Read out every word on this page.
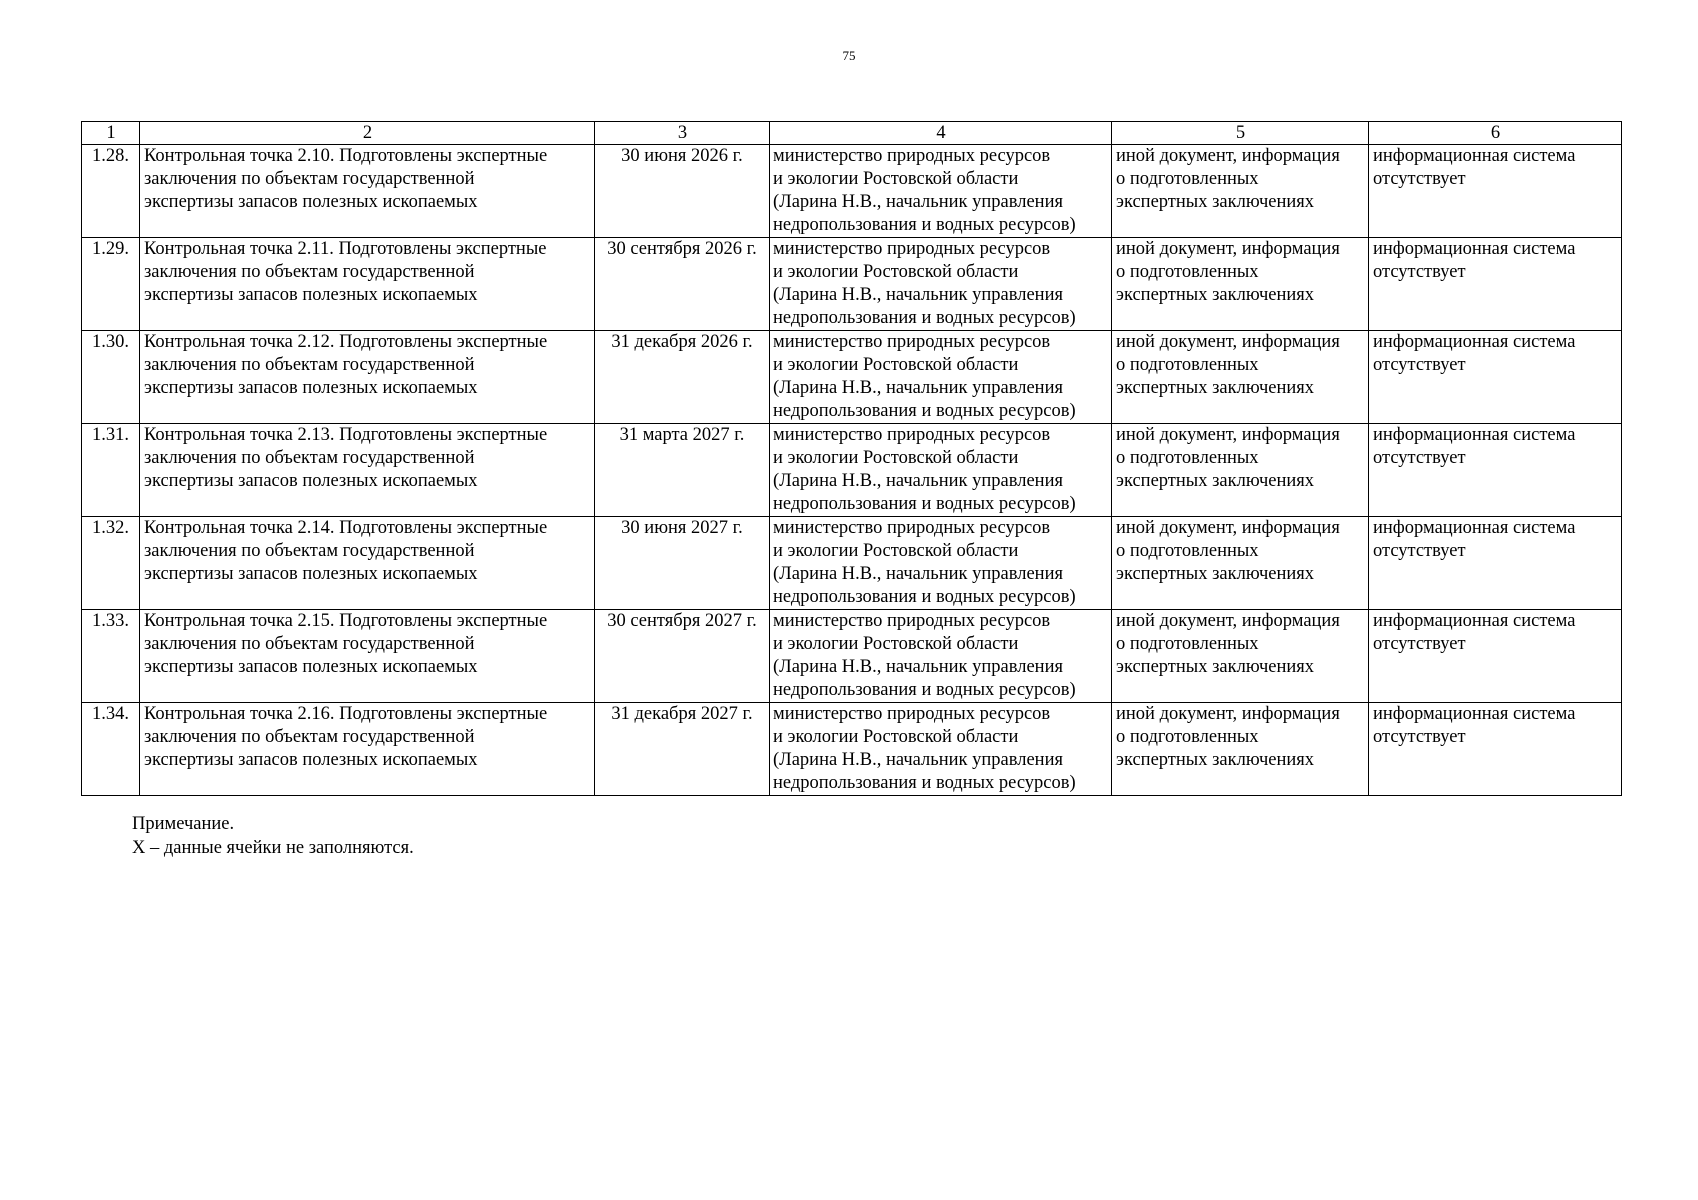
75
1	2	3	4	5	6
1.28.	Контрольная точка 2.10. Подготовлены экспертные
заключения по объектам государственной
экспертизы запасов полезных ископаемых	30 июня 2026 г.	министерство природных ресурсов
и экологии Ростовской области
(Ларина Н.В., начальник управления
недропользования и водных ресурсов)	иной документ, информация
о подготовленных
экспертных заключениях	информационная система
отсутствует

1.29.	Контрольная точка 2.11. Подготовлены экспертные
заключения по объектам государственной
экспертизы запасов полезных ископаемых	30 сентября 2026 г.	министерство природных ресурсов
и экологии Ростовской области
(Ларина Н.В., начальник управления
недропользования и водных ресурсов)	иной документ, информация
о подготовленных
экспертных заключениях	информационная система
отсутствует

1.30.	Контрольная точка 2.12. Подготовлены экспертные
заключения по объектам государственной
экспертизы запасов полезных ископаемых	31 декабря 2026 г.	министерство природных ресурсов
и экологии Ростовской области
(Ларина Н.В., начальник управления
недропользования и водных ресурсов)	иной документ, информация
о подготовленных
экспертных заключениях	информационная система
отсутствует

1.31.	Контрольная точка 2.13. Подготовлены экспертные
заключения по объектам государственной
экспертизы запасов полезных ископаемых	31 марта 2027 г.	министерство природных ресурсов
и экологии Ростовской области
(Ларина Н.В., начальник управления
недропользования и водных ресурсов)	иной документ, информация
о подготовленных
экспертных заключениях	информационная система
отсутствует

1.32.	Контрольная точка 2.14. Подготовлены экспертные
заключения по объектам государственной
экспертизы запасов полезных ископаемых	30 июня 2027 г.	министерство природных ресурсов
и экологии Ростовской области
(Ларина Н.В., начальник управления
недропользования и водных ресурсов)	иной документ, информация
о подготовленных
экспертных заключениях	информационная система
отсутствует

1.33.	Контрольная точка 2.15. Подготовлены экспертные
заключения по объектам государственной
экспертизы запасов полезных ископаемых	30 сентября 2027 г.	министерство природных ресурсов
и экологии Ростовской области
(Ларина Н.В., начальник управления
недропользования и водных ресурсов)	иной документ, информация
о подготовленных
экспертных заключениях	информационная система
отсутствует

1.34.	Контрольная точка 2.16. Подготовлены экспертные
заключения по объектам государственной
экспертизы запасов полезных ископаемых	31 декабря 2027 г.	министерство природных ресурсов
и экологии Ростовской области
(Ларина Н.В., начальник управления
недропользования и водных ресурсов)	иной документ, информация
о подготовленных
экспертных заключениях	информационная система
отсутствует
Примечание.
Х – данные ячейки не заполняются.
